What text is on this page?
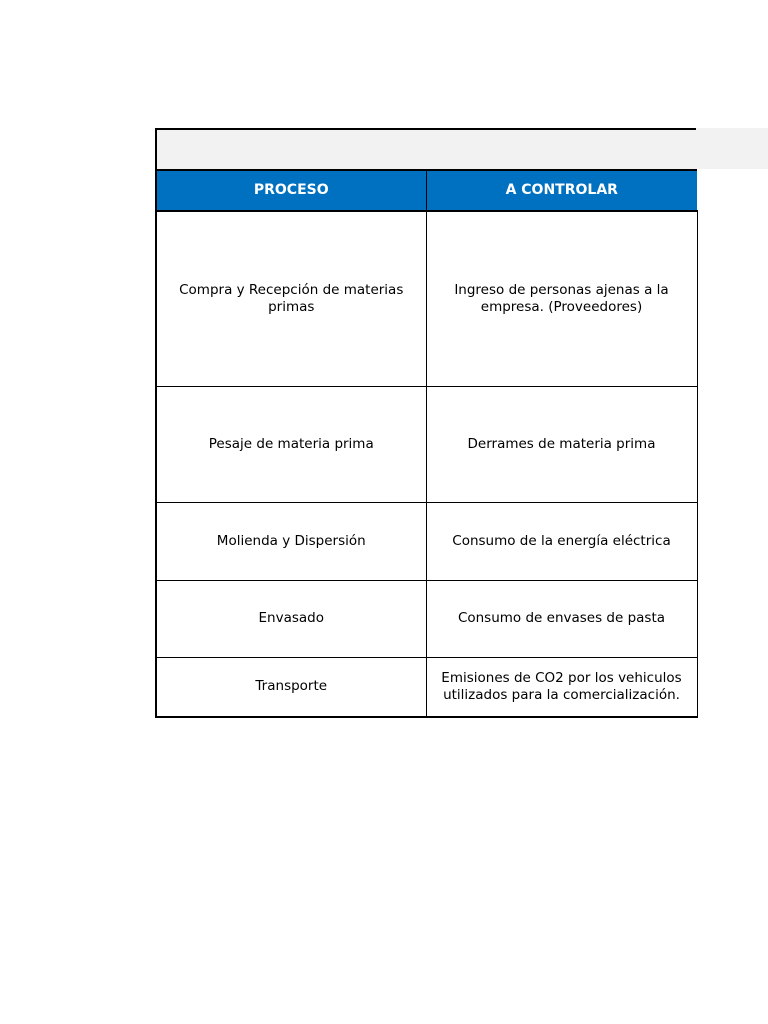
PROCESO	A CONTROLAR
Compra y Recepción de materias primas	Ingreso de personas ajenas a la empresa. (Proveedores)
Pesaje de materia prima	Derrames de materia prima
Molienda y Dispersión	Consumo de la energía eléctrica
Envasado	Consumo de envases de pasta
Transporte	Emisiones de CO2 por los vehiculos utilizados para la comercialización.
